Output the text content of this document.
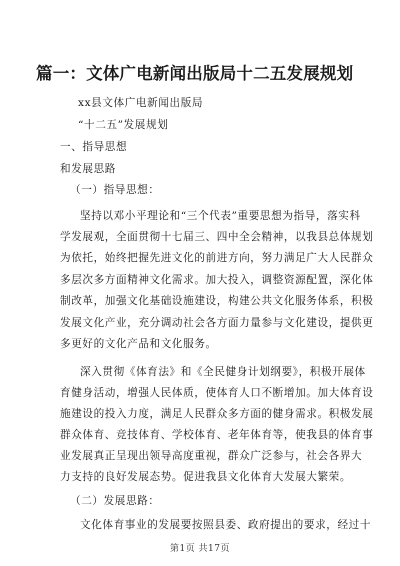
篇一：文体广电新闻出版局十二五发展规划
xx县文体广电新闻出版局
“十二五”发展规划
一、指导思想
和发展思路
（一）指导思想：
坚持以邓小平理论和“三个代表”重要思想为指导，落实科
学发展观，全面贯彻十七届三、四中全会精神，以我县总体规划
为依托，始终把握先进文化的前进方向，努力满足广大人民群众
多层次多方面精神文化需求。加大投入，调整资源配置，深化体
制改革，加强文化基础设施建设，构建公共文化服务体系，积极
发展文化产业，充分调动社会各方面力量参与文化建设，提供更
多更好的文化产品和文化服务。
深入贯彻《体育法》和《全民健身计划纲要》，积极开展体
育健身活动，增强人民体质，使体育人口不断增加。加大体育设
施建设的投入力度，满足人民群众多方面的健身需求。积极发展
群众体育、竞技体育、学校体育、老年体育等，使我县的体育事
业发展真正呈现出领导高度重视，群众广泛参与，社会各界大
力支持的良好发展态势。促进我县文化体育大发展大繁荣。
（二）发展思路：
文化体育事业的发展要按照县委、政府提出的要求，经过十
第1页 共17页
